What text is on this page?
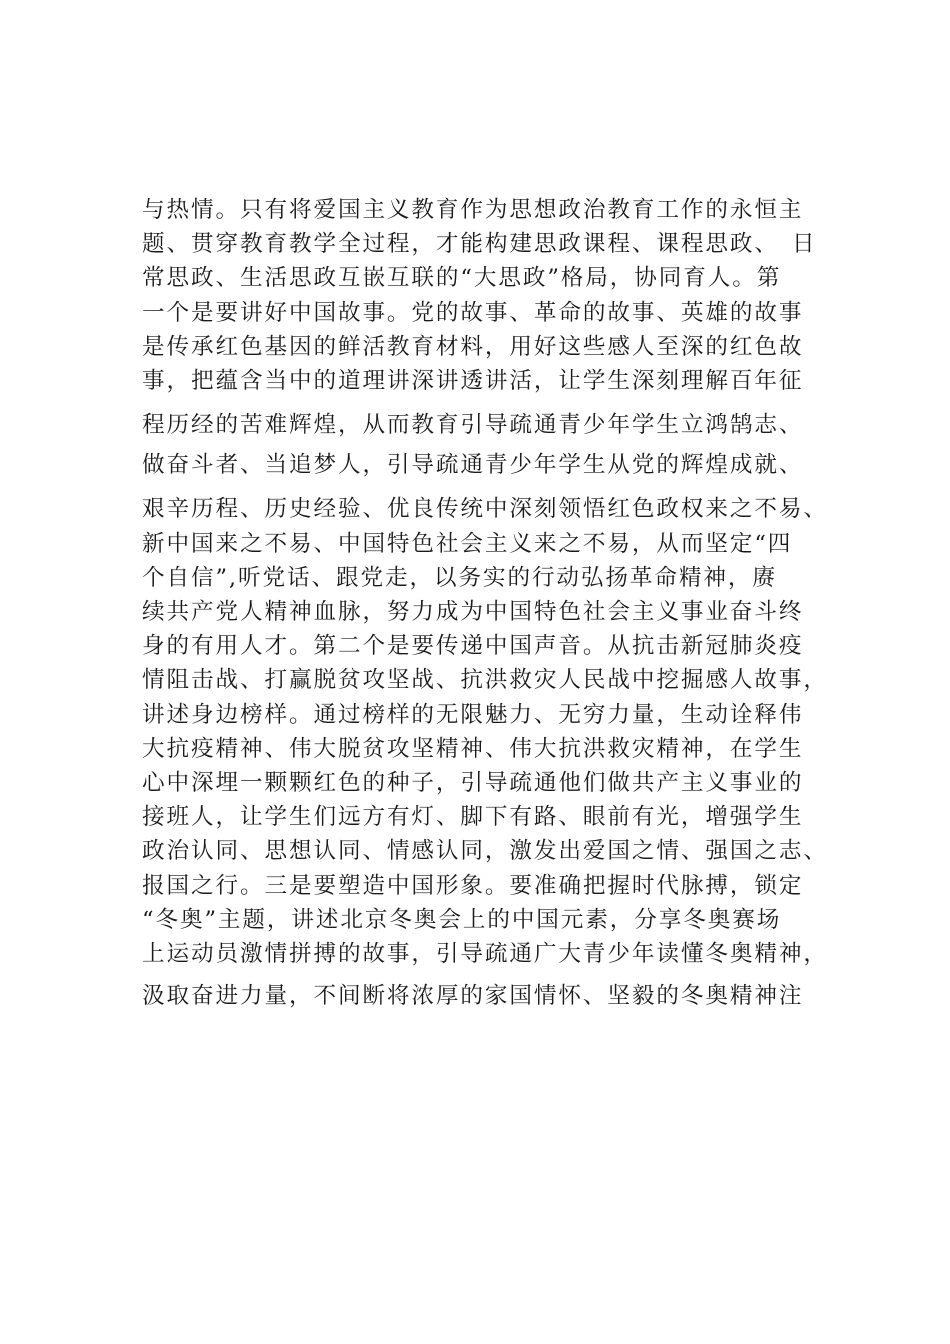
与热情。只有将爱国主义教育作为思想政治教育工作的永恒主
题、贯穿教育教学全过程，才能构建思政课程、课程思政、　日
常思政、生活思政互嵌互联的“大思政”格局，协同育人。第
一个是要讲好中国故事。党的故事、革命的故事、英雄的故事
是传承红色基因的鲜活教育材料，用好这些感人至深的红色故
事，把蕴含当中的道理讲深讲透讲活，让学生深刻理解百年征
程历经的苦难辉煌，从而教育引导疏通青少年学生立鸿鹄志、
做奋斗者、当追梦人，引导疏通青少年学生从党的辉煌成就、
艰辛历程、历史经验、优良传统中深刻领悟红色政权来之不易、
新中国来之不易、中国特色社会主义来之不易，从而坚定“四
个自信”,听党话、跟党走，以务实的行动弘扬革命精神，赓
续共产党人精神血脉，努力成为中国特色社会主义事业奋斗终
身的有用人才。第二个是要传递中国声音。从抗击新冠肺炎疫
情阻击战、打赢脱贫攻坚战、抗洪救灾人民战中挖掘感人故事，
讲述身边榜样。通过榜样的无限魅力、无穷力量，生动诠释伟
大抗疫精神、伟大脱贫攻坚精神、伟大抗洪救灾精神，在学生
心中深埋一颗颗红色的种子，引导疏通他们做共产主义事业的
接班人，让学生们远方有灯、脚下有路、眼前有光，增强学生
政治认同、思想认同、情感认同，激发出爱国之情、强国之志、
报国之行。三是要塑造中国形象。要准确把握时代脉搏，锁定
“冬奥”主题，讲述北京冬奥会上的中国元素，分享冬奥赛场
上运动员激情拼搏的故事，引导疏通广大青少年读懂冬奥精神，
汲取奋进力量，不间断将浓厚的家国情怀、坚毅的冬奥精神注
